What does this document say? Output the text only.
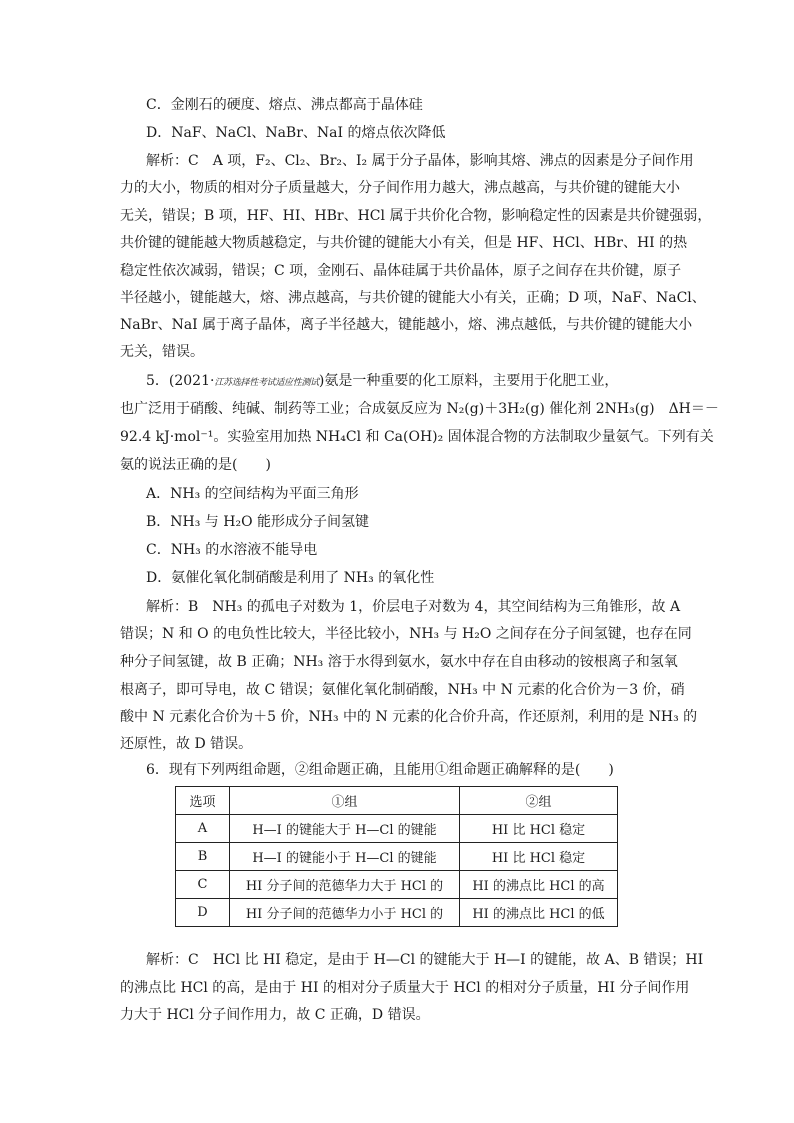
C．金刚石的硬度、熔点、沸点都高于晶体硅
D．NaF、NaCl、NaBr、NaI 的熔点依次降低
解析：C　A 项，F₂、Cl₂、Br₂、I₂ 属于分子晶体，影响其熔、沸点的因素是分子间作用
力的大小，物质的相对分子质量越大，分子间作用力越大，沸点越高，与共价键的键能大小
无关，错误；B 项，HF、HI、HBr、HCl 属于共价化合物，影响稳定性的因素是共价键强弱，
共价键的键能越大物质越稳定，与共价键的键能大小有关，但是 HF、HCl、HBr、HI 的热
稳定性依次减弱，错误；C 项，金刚石、晶体硅属于共价晶体，原子之间存在共价键，原子
半径越小，键能越大，熔、沸点越高，与共价键的键能大小有关，正确；D 项，NaF、NaCl、
NaBr、NaI 属于离子晶体，离子半径越大，键能越小，熔、沸点越低，与共价键的键能大小
无关，错误。
5．(2021·江苏选择性考试适应性测试)氨是一种重要的化工原料，主要用于化肥工业，
也广泛用于硝酸、纯碱、制药等工业；合成氨反应为 N₂(g)＋3H₂(g) 催化剂 2NH₃(g)　ΔH＝－
92.4 kJ·mol⁻¹。实验室用加热 NH₄Cl 和 Ca(OH)₂ 固体混合物的方法制取少量氨气。下列有关
氨的说法正确的是(　　)
A．NH₃ 的空间结构为平面三角形
B．NH₃ 与 H₂O 能形成分子间氢键
C．NH₃ 的水溶液不能导电
D．氨催化氧化制硝酸是利用了 NH₃ 的氧化性
解析：B　NH₃ 的孤电子对数为 1，价层电子对数为 4，其空间结构为三角锥形，故 A
错误；N 和 O 的电负性比较大，半径比较小，NH₃ 与 H₂O 之间存在分子间氢键，也存在同
种分子间氢键，故 B 正确；NH₃ 溶于水得到氨水，氨水中存在自由移动的铵根离子和氢氧
根离子，即可导电，故 C 错误；氨催化氧化制硝酸，NH₃ 中 N 元素的化合价为－3 价，硝
酸中 N 元素化合价为＋5 价，NH₃ 中的 N 元素的化合价升高，作还原剂，利用的是 NH₃ 的
还原性，故 D 错误。
6．现有下列两组命题，②组命题正确，且能用①组命题正确解释的是(　　)
选项	①组	②组
A	H—I 的键能大于 H—Cl 的键能	HI 比 HCl 稳定
B	H—I 的键能小于 H—Cl 的键能	HI 比 HCl 稳定
C	HI 分子间的范德华力大于 HCl 的	HI 的沸点比 HCl 的高
D	HI 分子间的范德华力小于 HCl 的	HI 的沸点比 HCl 的低
解析：C　HCl 比 HI 稳定，是由于 H—Cl 的键能大于 H—I 的键能，故 A、B 错误；HI
的沸点比 HCl 的高，是由于 HI 的相对分子质量大于 HCl 的相对分子质量，HI 分子间作用
力大于 HCl 分子间作用力，故 C 正确，D 错误。
